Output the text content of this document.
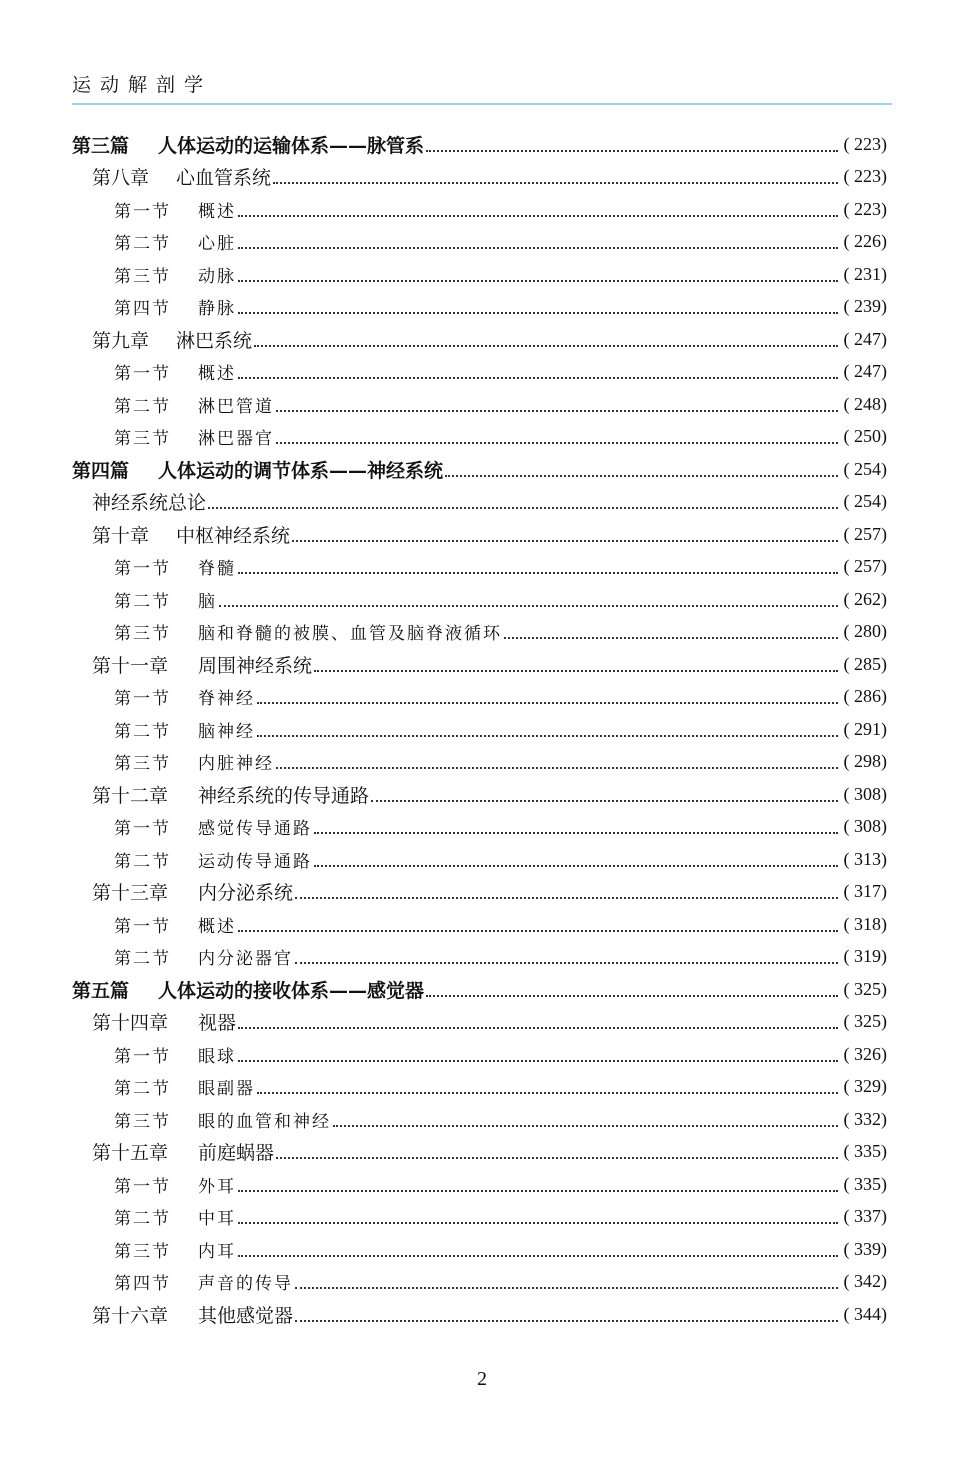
运动解剖学
第三篇 人体运动的运输体系——脉管系	( 223)
第八章 心血管系统	( 223)
第一节 概述	( 223)
第二节 心脏	( 226)
第三节 动脉	( 231)
第四节 静脉	( 239)
第九章 淋巴系统	( 247)
第一节 概述	( 247)
第二节 淋巴管道	( 248)
第三节 淋巴器官	( 250)
第四篇 人体运动的调节体系——神经系统	( 254)
神经系统总论	( 254)
第十章 中枢神经系统	( 257)
第一节 脊髓	( 257)
第二节 脑	( 262)
第三节 脑和脊髓的被膜、血管及脑脊液循环	( 280)
第十一章 周围神经系统	( 285)
第一节 脊神经	( 286)
第二节 脑神经	( 291)
第三节 内脏神经	( 298)
第十二章 神经系统的传导通路	( 308)
第一节 感觉传导通路	( 308)
第二节 运动传导通路	( 313)
第十三章 内分泌系统	( 317)
第一节 概述	( 318)
第二节 内分泌器官	( 319)
第五篇 人体运动的接收体系——感觉器	( 325)
第十四章 视器	( 325)
第一节 眼球	( 326)
第二节 眼副器	( 329)
第三节 眼的血管和神经	( 332)
第十五章 前庭蜗器	( 335)
第一节 外耳	( 335)
第二节 中耳	( 337)
第三节 内耳	( 339)
第四节 声音的传导	( 342)
第十六章 其他感觉器	( 344)
2
